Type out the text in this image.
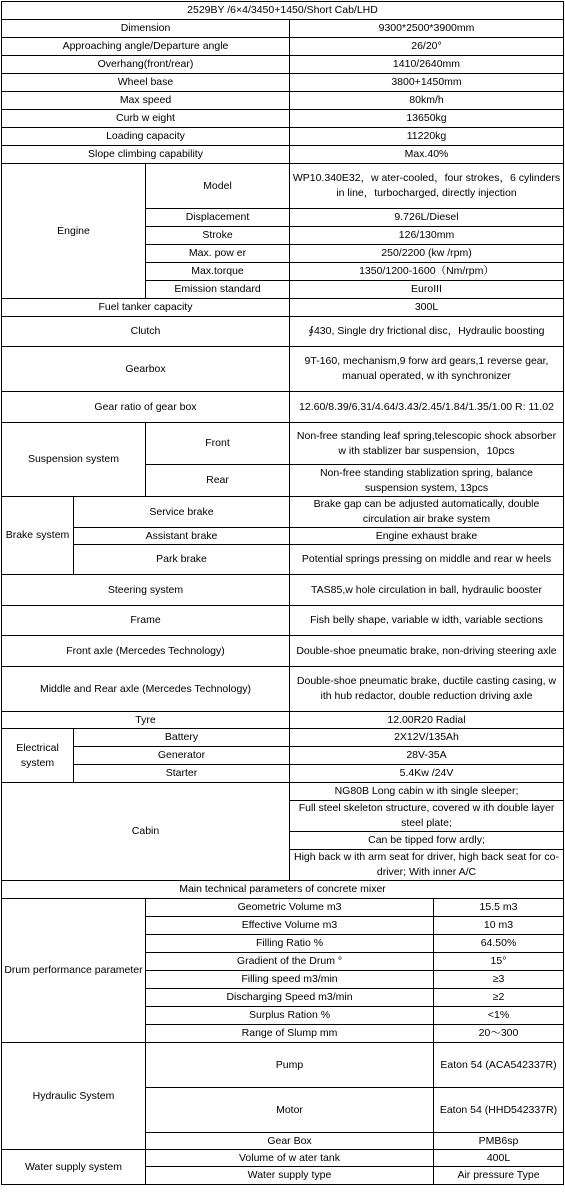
2529BY /6×4/3450+1450/Short Cab/LHD				
Dimension			9300*2500*3900mm	
Approaching angle/Departure angle			26/20°	
Overhang(front/rear)			1410/2640mm	
Wheel base			3800+1450mm	
Max speed			80km/h	
Curb w eight			13650kg	
Loading capacity			11220kg	
Slope climbing capability			Max.40%	
Engine		Model	WP10.340E32，w ater-cooled，four strokes，6 cylinders in line，turbocharged, directly injection	
		Displacement	9.726L/Diesel	
		Stroke	126/130mm	
		Max. pow er	250/2200 (kw /rpm)	
		Max.torque	1350/1200-1600（Nm/rpm）	
		Emission standard	EuroIII	
Fuel tanker capacity			300L	
Clutch			∮430, Single dry frictional disc，Hydraulic boosting	
Gearbox			9T-160, mechanism,9 forw ard gears,1 reverse gear, manual operated, w ith synchronizer	
Gear ratio of gear box			12.60/8.39/6.31/4.64/3.43/2.45/1.84/1.35/1.00 R: 11.02	
Suspension system		Front	Non-free standing leaf spring,telescopic shock absorber w ith stablizer bar suspension，10pcs	
		Rear	Non-free standing stablization spring, balance suspension system, 13pcs	
Brake system	Service brake		Brake gap can be adjusted automatically, double circulation air brake system	
	Assistant brake		Engine exhaust brake	
	Park brake		Potential springs pressing on middle and rear w heels	
Steering system			TAS85,w hole circulation in ball, hydraulic booster	
Frame			Fish belly shape, variable w idth, variable sections	
Front axle (Mercedes Technology)			Double-shoe pneumatic brake, non-driving steering axle	
Middle and Rear axle (Mercedes Technology)			Double-shoe pneumatic brake, ductile casting casing, w ith hub redactor, double reduction driving axle	
Tyre			12.00R20 Radial	
Electrical system	Battery		2X12V/135Ah	
	Generator		28V-35A	
	Starter		5.4Kw /24V	
Cabin			NG80B Long cabin w ith single sleeper;	
			Full steel skeleton structure, covered w ith double layer steel plate;	
			Can be tipped forw ardly;	
			High back w ith arm seat for driver, high back seat for co-driver; With inner A/C	
Main technical parameters of concrete mixer				
Drum performance parameter		Geometric Volume m3		15.5 m3
		Effective Volume m3		10 m3
		Filling Ratio %		64.50%
		Gradient of the Drum °		15°
		Filling speed m3/min		≥3
		Discharging Speed m3/min		≥2
		Surplus Ration %		<1%
		Range of Slump mm		20～300
Hydraulic System		Pump		Eaton 54 (ACA542337R)
		Motor		Eaton 54 (HHD542337R)
		Gear Box		PMB6sp
Water supply system		Volume of w ater tank		400L
		Water supply type		Air pressure Type
